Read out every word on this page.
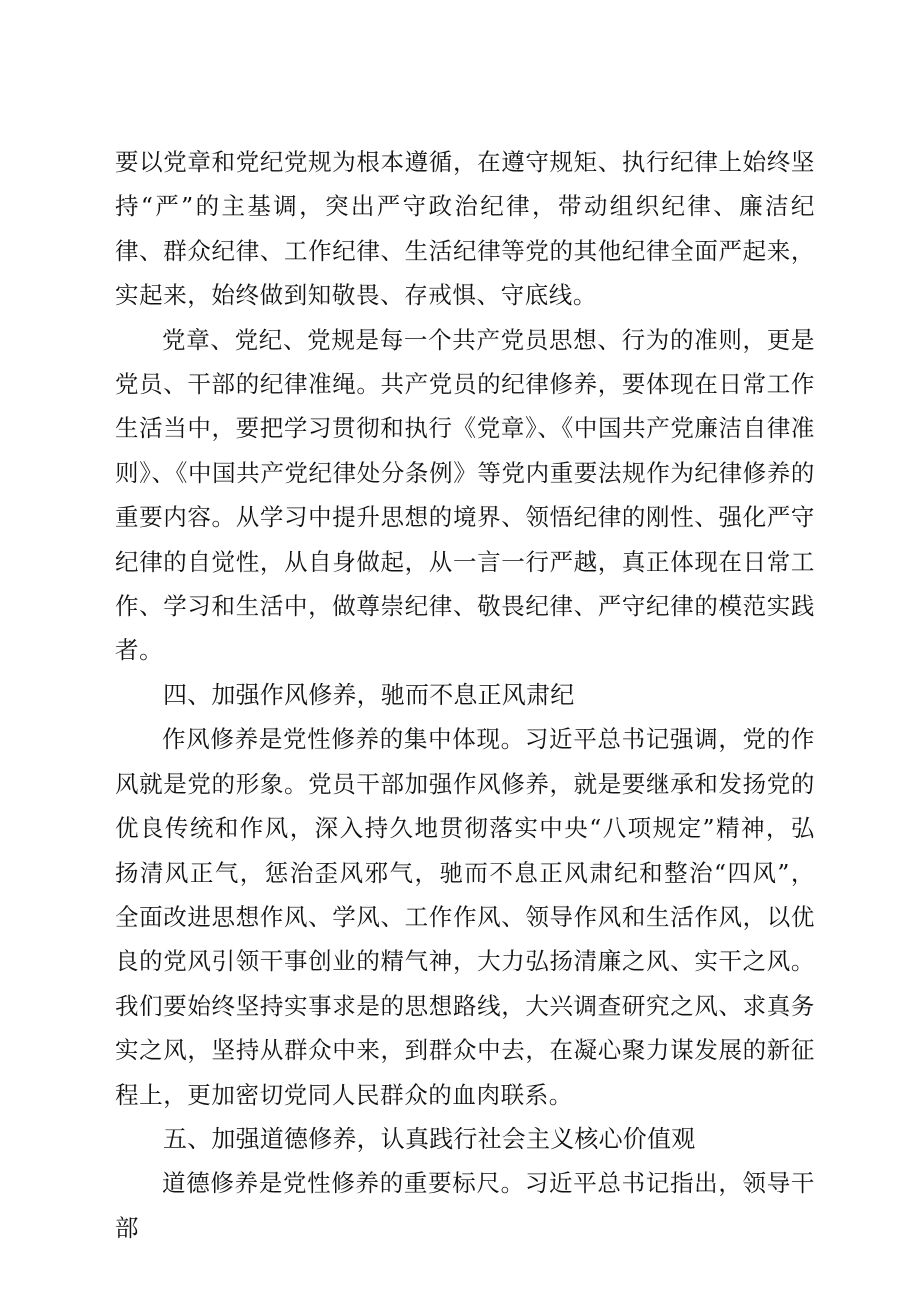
要以党章和党纪党规为根本遵循，在遵守规矩、执行纪律上始终坚持“严”的主基调，突出严守政治纪律，带动组织纪律、廉洁纪律、群众纪律、工作纪律、生活纪律等党的其他纪律全面严起来，实起来，始终做到知敬畏、存戒惧、守底线。

党章、党纪、党规是每一个共产党员思想、行为的准则，更是党员、干部的纪律准绳。共产党员的纪律修养，要体现在日常工作生活当中，要把学习贯彻和执行《党章》、《中国共产党廉洁自律准则》、《中国共产党纪律处分条例》等党内重要法规作为纪律修养的重要内容。从学习中提升思想的境界、领悟纪律的刚性、强化严守纪律的自觉性，从自身做起，从一言一行严越，真正体现在日常工作、学习和生活中，做尊崇纪律、敬畏纪律、严守纪律的模范实践者。

四、加强作风修养，驰而不息正风肃纪

作风修养是党性修养的集中体现。习近平总书记强调，党的作风就是党的形象。党员干部加强作风修养，就是要继承和发扬党的优良传统和作风，深入持久地贯彻落实中央“八项规定”精神，弘扬清风正气，惩治歪风邪气，驰而不息正风肃纪和整治“四风”，全面改进思想作风、学风、工作作风、领导作风和生活作风，以优良的党风引领干事创业的精气神，大力弘扬清廉之风、实干之风。我们要始终坚持实事求是的思想路线，大兴调查研究之风、求真务实之风，坚持从群众中来，到群众中去，在凝心聚力谋发展的新征程上，更加密切党同人民群众的血肉联系。

五、加强道德修养，认真践行社会主义核心价值观

道德修养是党性修养的重要标尺。习近平总书记指出，领导干部
